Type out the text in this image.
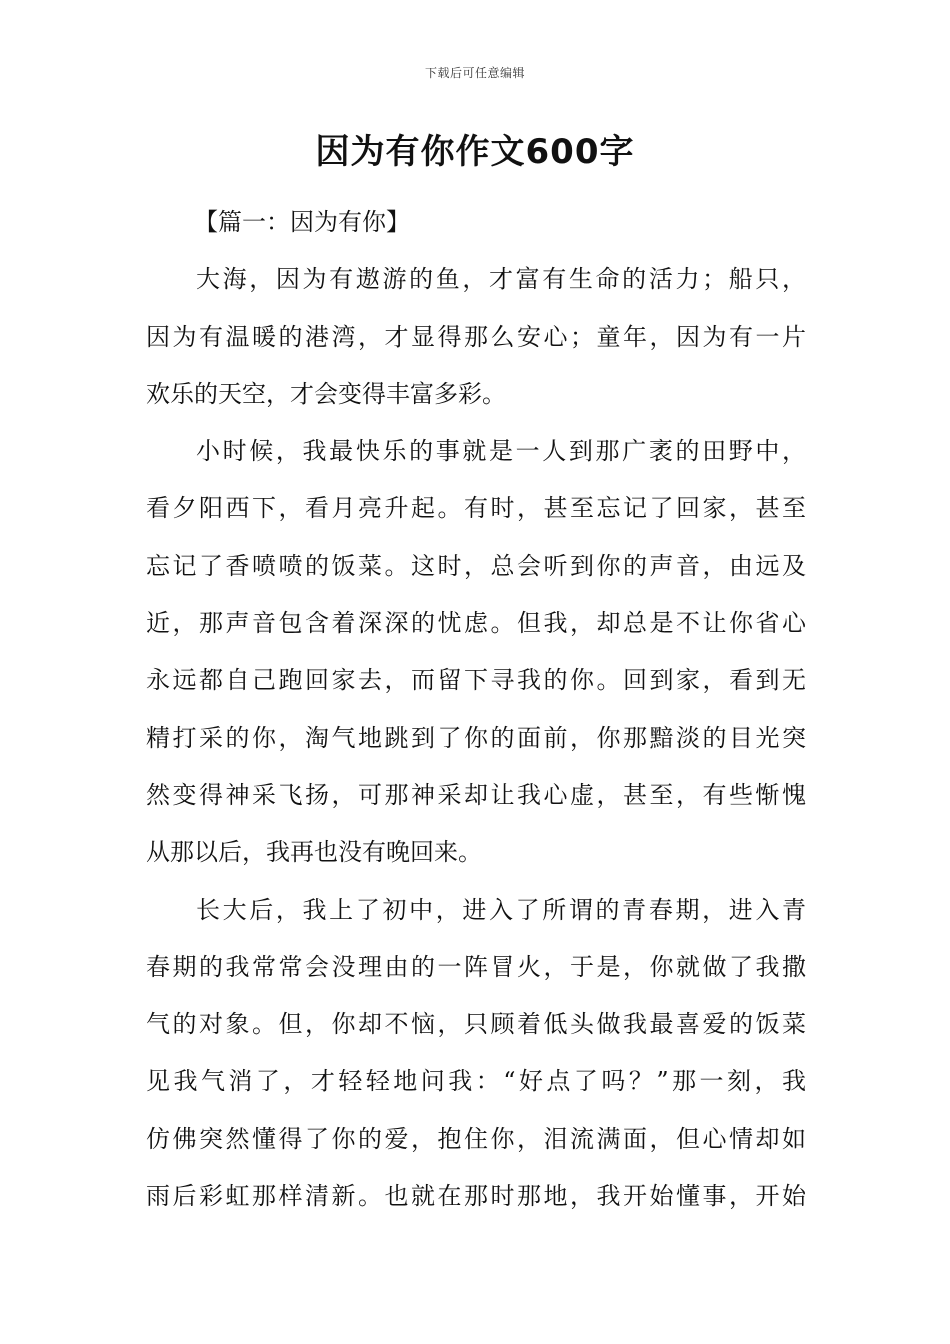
下载后可任意编辑
因为有你作文600字

【篇一：因为有你】

大海，因为有遨游的鱼，才富有生命的活力；船只，
因为有温暖的港湾，才显得那么安心；童年，因为有一片
欢乐的天空，才会变得丰富多彩。

小时候，我最快乐的事就是一人到那广袤的田野中，
看夕阳西下，看月亮升起。有时，甚至忘记了回家，甚至
忘记了香喷喷的饭菜。这时，总会听到你的声音，由远及
近，那声音包含着深深的忧虑。但我，却总是不让你省心
永远都自己跑回家去，而留下寻我的你。回到家，看到无
精打采的你，淘气地跳到了你的面前，你那黯淡的目光突
然变得神采飞扬，可那神采却让我心虚，甚至，有些惭愧
从那以后，我再也没有晚回来。

长大后，我上了初中，进入了所谓的青春期，进入青
春期的我常常会没理由的一阵冒火，于是，你就做了我撒
气的对象。但，你却不恼，只顾着低头做我最喜爱的饭菜
见我气消了，才轻轻地问我：“好点了吗？”那一刻，我
仿佛突然懂得了你的爱，抱住你，泪流满面，但心情却如
雨后彩虹那样清新。也就在那时那地，我开始懂事，开始
